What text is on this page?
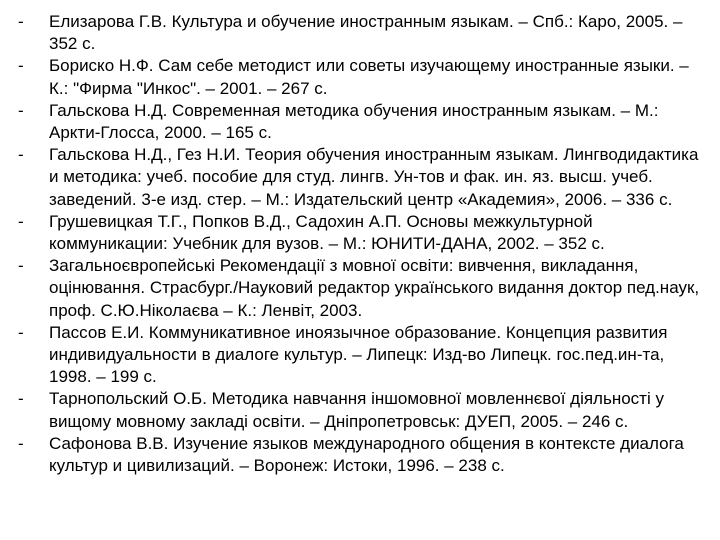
-	Елизарова Г.В. Культура и обучение иностранным языкам. – Спб.: Каро, 2005. – 352 с.
-	Бориско Н.Ф. Сам себе методист или советы изучающему иностранные языки. – К.: "Фирма "Инкос". – 2001. – 267 с.
-	Гальскова Н.Д. Современная методика обучения иностранным языкам. – М.: Аркти-Глосса, 2000. – 165 с.
-	Гальскова Н.Д., Гез Н.И. Теория обучения иностранным языкам. Лингводидактика и методика: учеб. пособие для студ. лингв. Ун-тов и фак. ин. яз. высш. учеб. заведений. 3-е изд. стер. – М.: Издательский центр «Академия», 2006. – 336 с.
-	Грушевицкая Т.Г., Попков В.Д., Садохин А.П. Основы межкультурной коммуникации: Учебник для вузов. – М.: ЮНИТИ-ДАНА, 2002. – 352 с.
-	Загальноєвропейські Рекомендації з мовної освіти: вивчення, викладання, оцінювання. Страсбург./Науковий редактор українського видання доктор пед.наук, проф. С.Ю.Ніколаєва – К.: Ленвіт, 2003.
-	Пассов Е.И. Коммуникативное иноязычное образование. Концепция развития индивидуальности в диалоге культур. – Липецк: Изд-во Липецк. гос.пед.ин-та, 1998. – 199 с.
-	Тарнопольский О.Б. Методика навчання іншомовної мовленнєвої діяльності у вищому мовному закладі освіти. – Дніпропетровськ: ДУЕП, 2005. – 246 с.
-	Сафонова В.В. Изучение языков международного общения в контексте диалога культур и цивилизаций. – Воронеж: Истоки, 1996. – 238 с.
